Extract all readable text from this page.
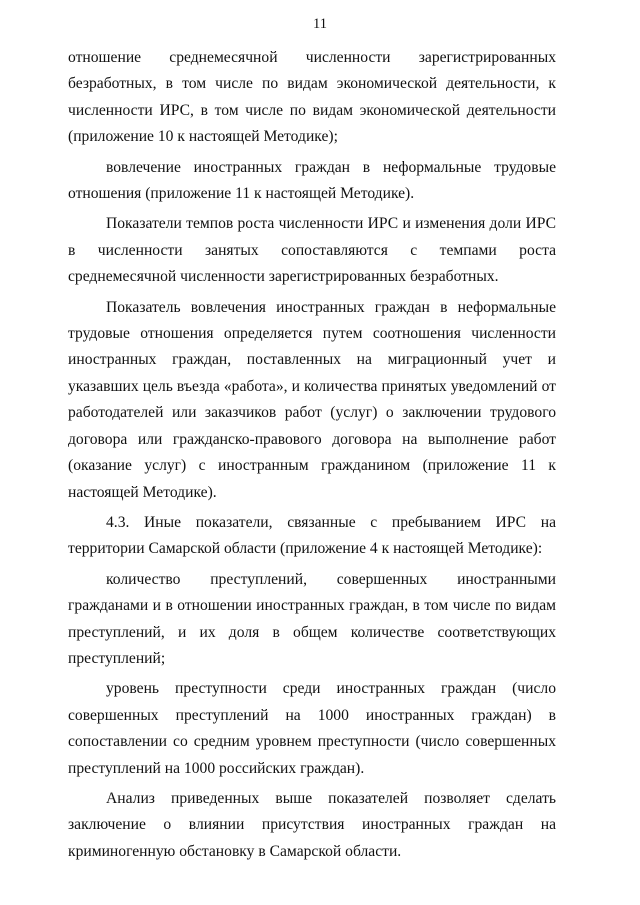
11

отношение среднемесячной численности зарегистрированных безработных, в том числе по видам экономической деятельности, к численности ИРС, в том числе по видам экономической деятельности (приложение 10 к настоящей Методике);

вовлечение иностранных граждан в неформальные трудовые отношения (приложение 11 к настоящей Методике).

Показатели темпов роста численности ИРС и изменения доли ИРС в численности занятых сопоставляются с темпами роста среднемесячной численности зарегистрированных безработных.

Показатель вовлечения иностранных граждан в неформальные трудовые отношения определяется путем соотношения численности иностранных граждан, поставленных на миграционный учет и указавших цель въезда «работа», и количества принятых уведомлений от работодателей или заказчиков работ (услуг) о заключении трудового договора или гражданско-правового договора на выполнение работ (оказание услуг) с иностранным гражданином (приложение 11 к настоящей Методике).

4.3. Иные показатели, связанные с пребыванием ИРС на территории Самарской области (приложение 4 к настоящей Методике):

количество преступлений, совершенных иностранными гражданами и в отношении иностранных граждан, в том числе по видам преступлений, и их доля в общем количестве соответствующих преступлений;

уровень преступности среди иностранных граждан (число совершенных преступлений на 1000 иностранных граждан) в сопоставлении со средним уровнем преступности (число совершенных преступлений на 1000 российских граждан).

Анализ приведенных выше показателей позволяет сделать заключение о влиянии присутствия иностранных граждан на криминогенную обстановку в Самарской области.
